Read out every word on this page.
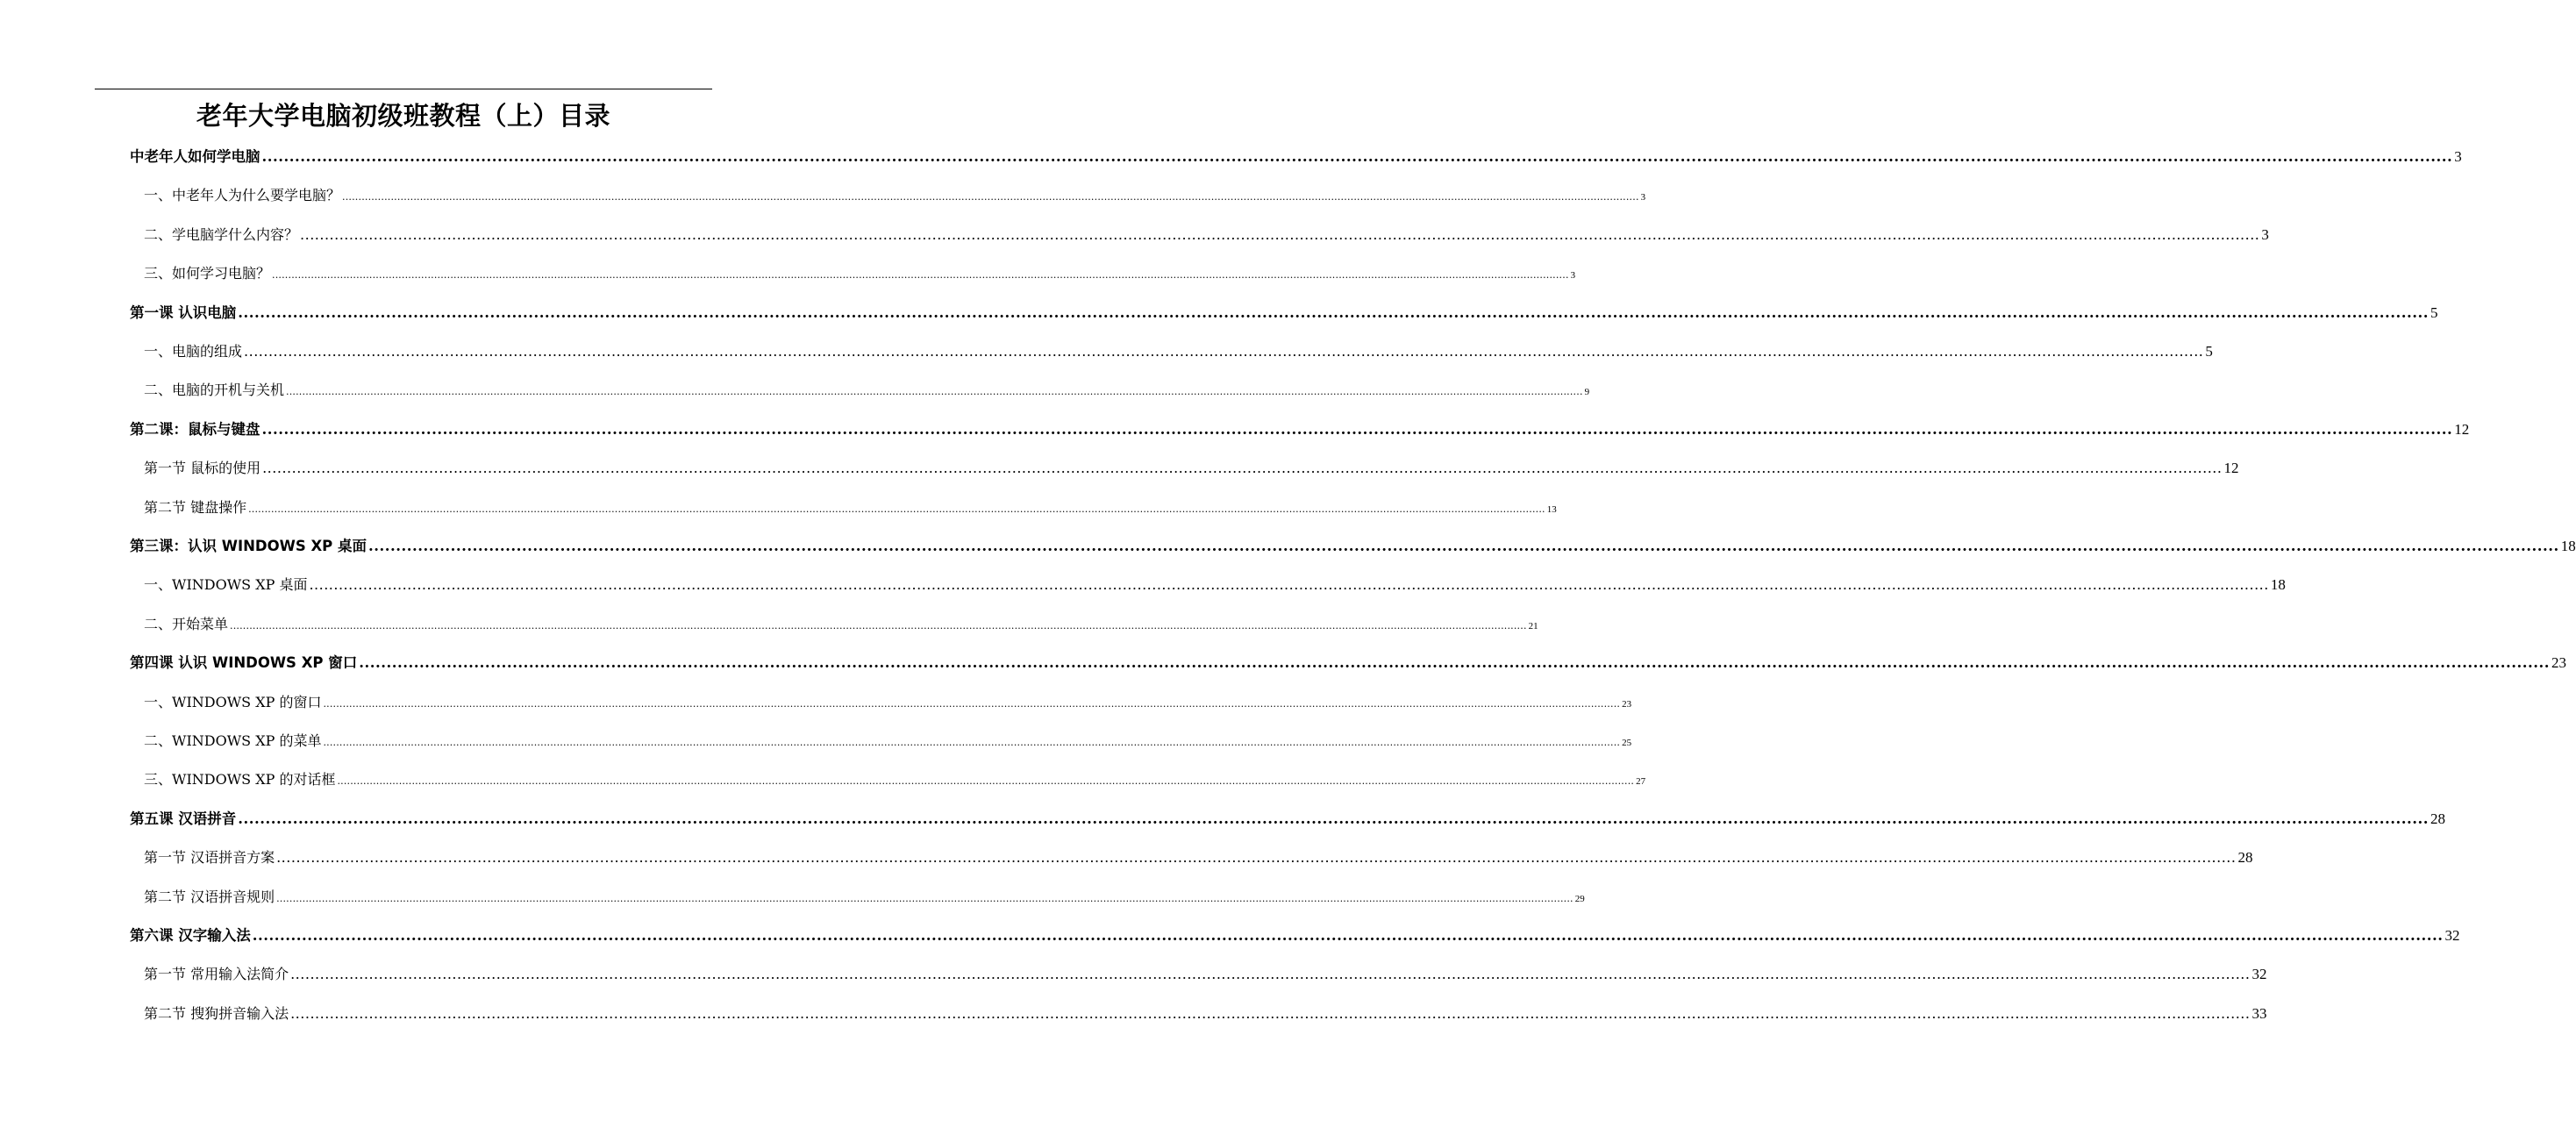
老年大学电脑初级班教程（上）目录
中老年人如何学电脑 ................................................................................................................................................................................................................................................................................................................................................................................................................ 3
一、中老年人为什么要学电脑？ ................................................................................................................................................................................................................................................................................................................................................................................................................ 3
二、学电脑学什么内容？ ................................................................................................................................................................................................................................................................................................................................................................................................................ 3
三、如何学习电脑？ ................................................................................................................................................................................................................................................................................................................................................................................................................ 3
第一课 认识电脑 ................................................................................................................................................................................................................................................................................................................................................................................................................ 5
一、电脑的组成 ................................................................................................................................................................................................................................................................................................................................................................................................................ 5
二、电脑的开机与关机 ................................................................................................................................................................................................................................................................................................................................................................................................................ 9
第二课：鼠标与键盘 ................................................................................................................................................................................................................................................................................................................................................................................................................ 12
第一节 鼠标的使用 ................................................................................................................................................................................................................................................................................................................................................................................................................ 12
第二节 键盘操作 ................................................................................................................................................................................................................................................................................................................................................................................................................ 13
第三课：认识 WINDOWS XP 桌面 ................................................................................................................................................................................................................................................................................................................................................................................................................ 18
一、WINDOWS XP 桌面 ................................................................................................................................................................................................................................................................................................................................................................................................................ 18
二、开始菜单 ................................................................................................................................................................................................................................................................................................................................................................................................................ 21
第四课 认识 WINDOWS XP 窗口 ................................................................................................................................................................................................................................................................................................................................................................................................................ 23
一、WINDOWS XP 的窗口 ................................................................................................................................................................................................................................................................................................................................................................................................................ 23
二、WINDOWS XP 的菜单 ................................................................................................................................................................................................................................................................................................................................................................................................................ 25
三、WINDOWS XP 的对话框 ................................................................................................................................................................................................................................................................................................................................................................................................................ 27
第五课 汉语拼音 ................................................................................................................................................................................................................................................................................................................................................................................................................ 28
第一节 汉语拼音方案 ................................................................................................................................................................................................................................................................................................................................................................................................................ 28
第二节 汉语拼音规则 ................................................................................................................................................................................................................................................................................................................................................................................................................ 29
第六课 汉字输入法 ................................................................................................................................................................................................................................................................................................................................................................................................................ 32
第一节 常用输入法简介 ................................................................................................................................................................................................................................................................................................................................................................................................................ 32
第二节 搜狗拼音输入法 ................................................................................................................................................................................................................................................................................................................................................................................................................ 33
